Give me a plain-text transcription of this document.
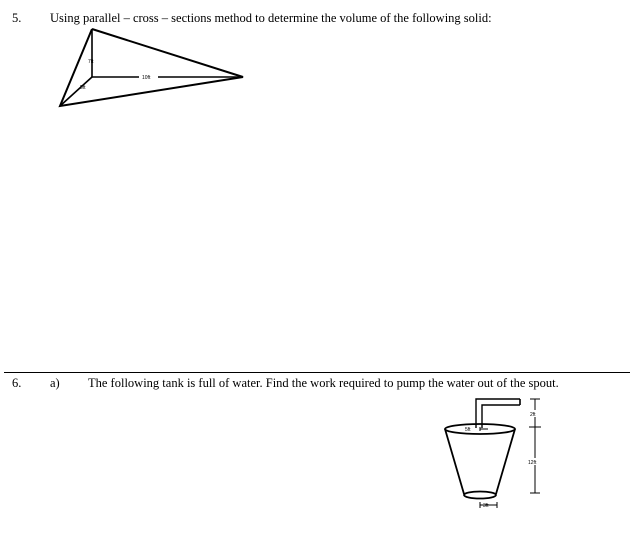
5. Using parallel – cross – sections method to determine the volume of the following solid:
7ft
10ft
5ft
6. a) The following tank is full of water. Find the work required to pump the water out of the spout.
5ft
3ft
2ft
12ft
